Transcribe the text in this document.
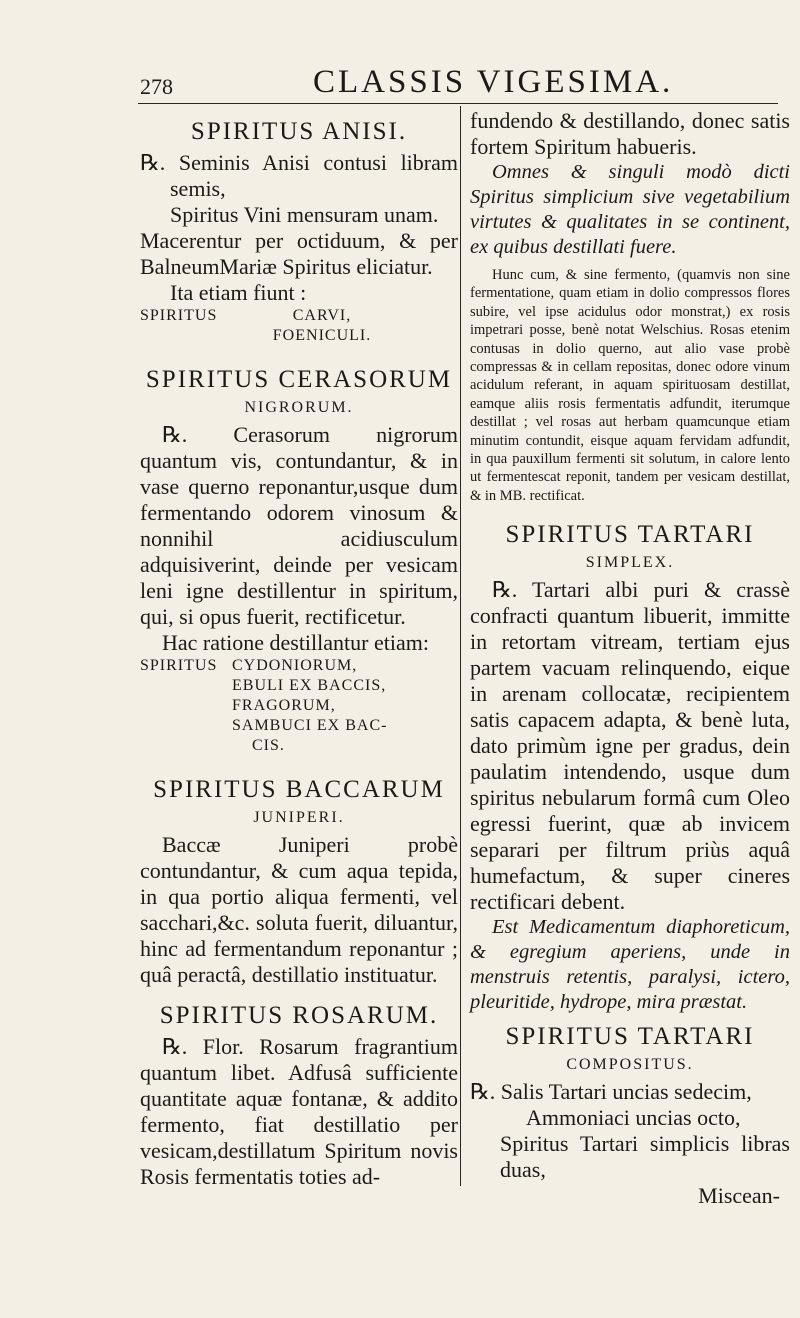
278	CLASSIS VIGESIMA.
SPIRITUS ANISI.

℞. Seminis Anisi contusi libram semis,

Spiritus Vini mensuram unam.

Macerentur per octiduum, & per BalneumMariæ Spiritus eliciatur.

Ita etiam fiunt :

SPIRITUS	CARVI,
FOENICULI.
SPIRITUS CERASORUM
NIGRORUM.

℞. Cerasorum nigrorum quantum vis, contundantur, & in vase querno reponantur,usque dum fermentando odorem vinosum & nonnihil acidiusculum adquisiverint, deinde per vesicam leni igne destillentur in spiritum, qui, si opus fuerit, rectificetur.

Hac ratione destillantur etiam:

SPIRITUS CYDONIORUM,
EBULI EX BACCIS,
FRAGORUM,
SAMBUCI EX BAC-
CIS.
SPIRITUS BACCARUM
JUNIPERI.

Baccæ Juniperi probè contundantur, & cum aqua tepida, in qua portio aliqua fermenti, vel sacchari,&c. soluta fuerit, diluantur, hinc ad fermentandum reponantur ; quâ peractâ, destillatio instituatur.

SPIRITUS ROSARUM.

℞. Flor. Rosarum fragrantium quantum libet. Adfusâ sufficiente quantitate aquæ fontanæ, & addito fermento, fiat destillatio per vesicam,destillatum Spiritum novis Rosis fermentatis toties ad-

fundendo & destillando, donec satis fortem Spiritum habueris.

Omnes & singuli modò dicti Spiritus simplicium sive vegetabilium virtutes & qualitates in se continent, ex quibus destillati fuere.

Hunc cum, & sine fermento, (quamvis non sine fermentatione, quam etiam in dolio compressos flores subire, vel ipse acidulus odor monstrat,) ex rosis impetrari posse, benè notat Welschius. Rosas etenim contusas in dolio querno, aut alio vase probè compressas & in cellam repositas, donec odore vinum acidulum referant, in aquam spirituosam destillat, eamque aliis rosis fermentatis adfundit, iterumque destillat ; vel rosas aut herbam quamcunque etiam minutim contundit, eisque aquam fervidam adfundit, in qua pauxillum fermenti sit solutum, in calore lento ut fermentescat reponit, tandem per vesicam destillat, & in MB. rectificat.

SPIRITUS TARTARI
SIMPLEX.

℞. Tartari albi puri & crassè confracti quantum libuerit, immitte in retortam vitream, tertiam ejus partem vacuam relinquendo, eique in arenam collocatæ, recipientem satis capacem adapta, & benè luta, dato primùm igne per gradus, dein paulatim intendendo, usque dum spiritus nebularum formâ cum Oleo egressi fuerint, quæ ab invicem separari per filtrum priùs aquâ humefactum, & super cineres rectificari debent.

Est Medicamentum diaphoreticum, & egregium aperiens, unde in menstruis retentis, paralysi, ictero, pleuritide, hydrope, mira præstat.

SPIRITUS TARTARI
COMPOSITUS.

℞. Salis Tartari uncias sedecim,

Ammoniaci uncias octo,

Spiritus Tartari simplicis libras duas,

Miscean-
